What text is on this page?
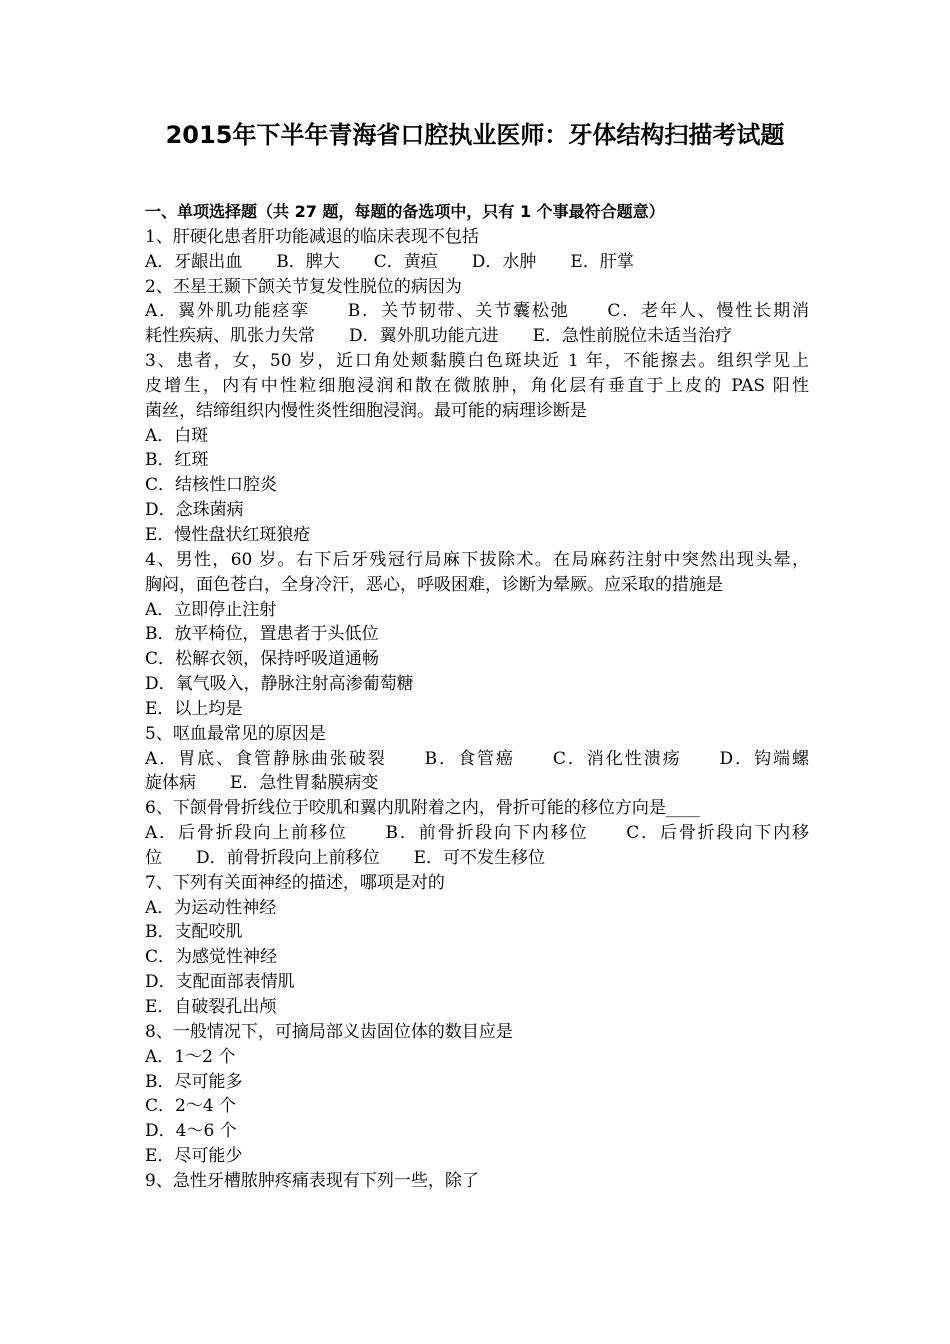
2015年下半年青海省口腔执业医师：牙体结构扫描考试题
一、单项选择题（共 27 题，每题的备选项中，只有 1 个事最符合题意）
1、肝硬化患者肝功能减退的临床表现不包括
A．牙龈出血　　B．脾大　　C．黄疸　　D．水肿　　E．肝掌
2、丕星王颞下颌关节复发性脱位的病因为
A．翼外肌功能痉挛　　B．关节韧带、关节囊松弛　　C．老年人、慢性长期消
耗性疾病、肌张力失常　　D．翼外肌功能亢进　　E．急性前脱位未适当治疗
3、患者，女，50 岁，近口角处颊黏膜白色斑块近 1 年，不能擦去。组织学见上
皮增生，内有中性粒细胞浸润和散在微脓肿，角化层有垂直于上皮的 PAS 阳性
菌丝，结缔组织内慢性炎性细胞浸润。最可能的病理诊断是
A．白斑
B．红斑
C．结核性口腔炎
D．念珠菌病
E．慢性盘状红斑狼疮
4、男性，60 岁。右下后牙残冠行局麻下拔除术。在局麻药注射中突然出现头晕，
胸闷，面色苍白，全身冷汗，恶心，呼吸困难，诊断为晕厥。应采取的措施是
A．立即停止注射
B．放平椅位，置患者于头低位
C．松解衣领，保持呼吸道通畅
D．氧气吸入，静脉注射高渗葡萄糖
E．以上均是
5、呕血最常见的原因是
A．胃底、食管静脉曲张破裂　　B．食管癌　　C．消化性溃疡　　D．钩端螺
旋体病　　E．急性胃黏膜病变
6、下颌骨骨折线位于咬肌和翼内肌附着之内，骨折可能的移位方向是____
A．后骨折段向上前移位　　B．前骨折段向下内移位　　C．后骨折段向下内移
位　　D．前骨折段向上前移位　　E．可不发生移位
7、下列有关面神经的描述，哪项是对的
A．为运动性神经
B．支配咬肌
C．为感觉性神经
D．支配面部表情肌
E．自破裂孔出颅
8、一般情况下，可摘局部义齿固位体的数目应是
A．1～2 个
B．尽可能多
C．2～4 个
D．4～6 个
E．尽可能少
9、急性牙槽脓肿疼痛表现有下列一些，除了
